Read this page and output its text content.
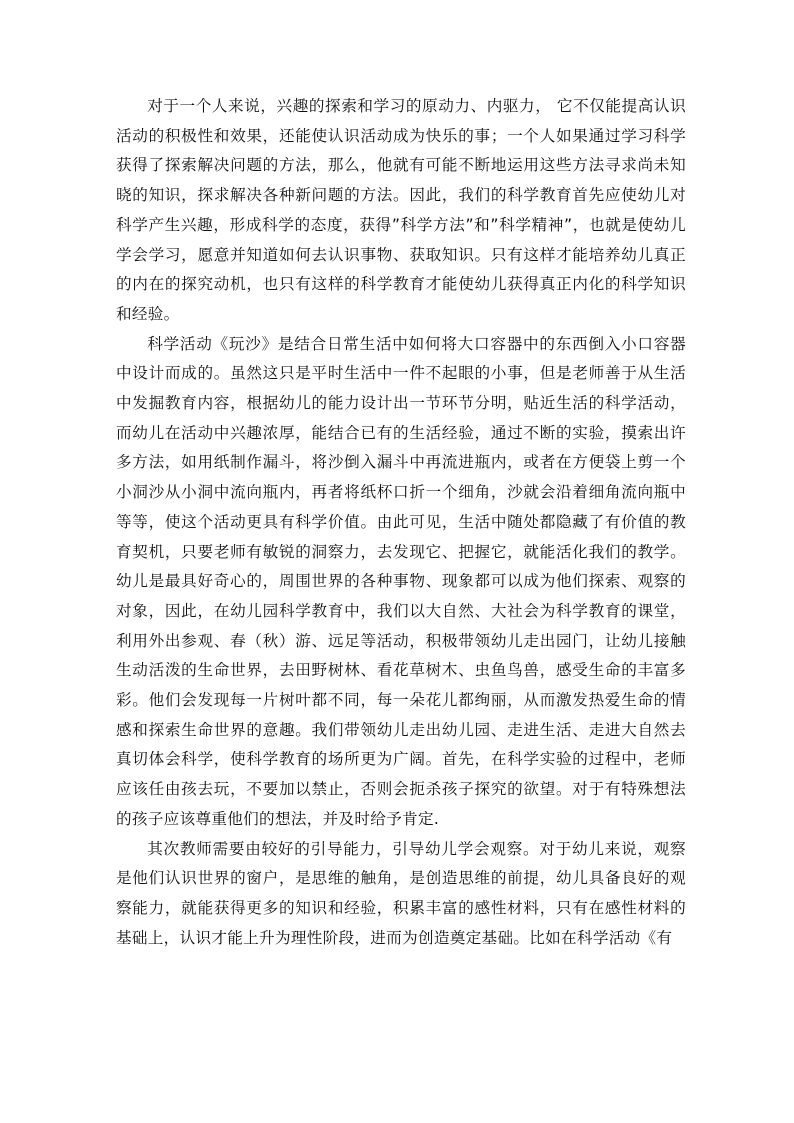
对于一个人来说，兴趣的探索和学习的原动力、内驱力， 它不仅能提高认识活动的积极性和效果，还能使认识活动成为快乐的事；一个人如果通过学习科学获得了探索解决问题的方法，那么，他就有可能不断地运用这些方法寻求尚未知晓的知识，探求解决各种新问题的方法。因此，我们的科学教育首先应使幼儿对科学产生兴趣，形成科学的态度，获得”科学方法”和”科学精神”，也就是使幼儿学会学习，愿意并知道如何去认识事物、获取知识。只有这样才能培养幼儿真正的内在的探究动机，也只有这样的科学教育才能使幼儿获得真正内化的科学知识和经验。

科学活动《玩沙》是结合日常生活中如何将大口容器中的东西倒入小口容器中设计而成的。虽然这只是平时生活中一件不起眼的小事，但是老师善于从生活中发掘教育内容，根据幼儿的能力设计出一节环节分明，贴近生活的科学活动，而幼儿在活动中兴趣浓厚，能结合已有的生活经验，通过不断的实验，摸索出许多方法，如用纸制作漏斗，将沙倒入漏斗中再流进瓶内，或者在方便袋上剪一个小洞沙从小洞中流向瓶内，再者将纸杯口折一个细角，沙就会沿着细角流向瓶中等等，使这个活动更具有科学价值。由此可见，生活中随处都隐藏了有价值的教育契机，只要老师有敏锐的洞察力，去发现它、把握它，就能活化我们的教学。幼儿是最具好奇心的，周围世界的各种事物、现象都可以成为他们探索、观察的对象，因此，在幼儿园科学教育中，我们以大自然、大社会为科学教育的课堂，利用外出参观、春（秋）游、远足等活动，积极带领幼儿走出园门，让幼儿接触生动活泼的生命世界，去田野树林、看花草树木、虫鱼鸟兽，感受生命的丰富多彩。他们会发现每一片树叶都不同，每一朵花儿都绚丽，从而激发热爱生命的情感和探索生命世界的意趣。我们带领幼儿走出幼儿园、走进生活、走进大自然去真切体会科学，使科学教育的场所更为广阔。首先，在科学实验的过程中，老师应该任由孩去玩，不要加以禁止，否则会扼杀孩子探究的欲望。对于有特殊想法的孩子应该尊重他们的想法，并及时给予肯定.

其次教师需要由较好的引导能力，引导幼儿学会观察。对于幼儿来说，观察是他们认识世界的窗户，是思维的触角，是创造思维的前提，幼儿具备良好的观察能力，就能获得更多的知识和经验，积累丰富的感性材料，只有在感性材料的基础上，认识才能上升为理性阶段，进而为创造奠定基础。比如在科学活动《有
